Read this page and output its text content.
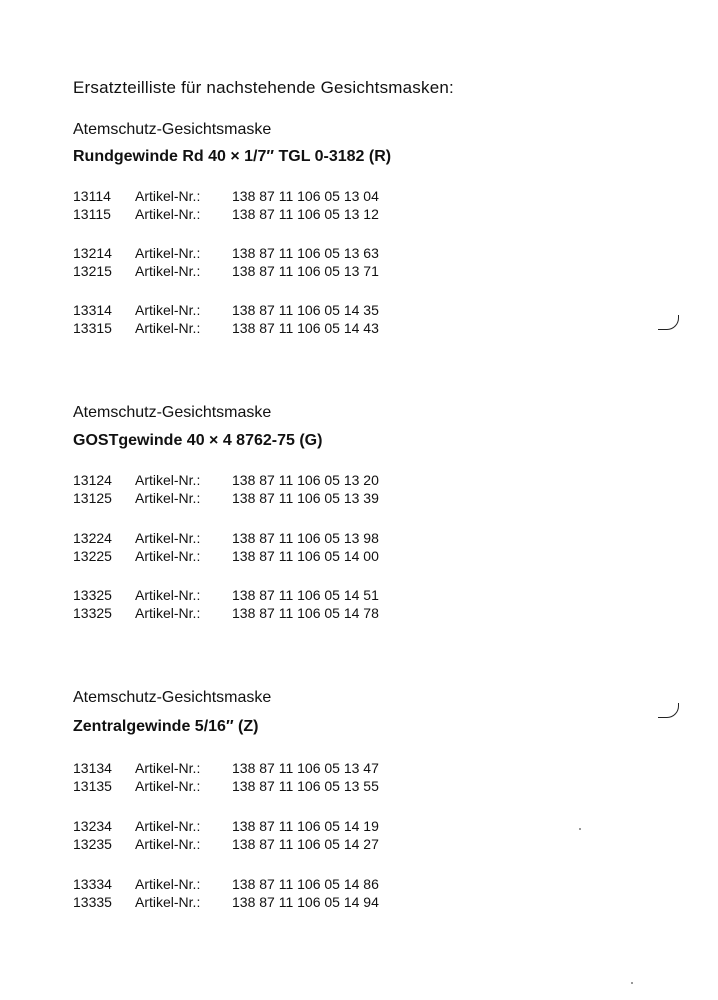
Ersatzteilliste für nachstehende Gesichtsmasken:
Atemschutz-Gesichtsmaske
Rundgewinde Rd 40 × 1/7″ TGL 0-3182 (R)
13114 Artikel-Nr.: 138 87 11 106 05 13 04
13115 Artikel-Nr.: 138 87 11 106 05 13 12
13214 Artikel-Nr.: 138 87 11 106 05 13 63
13215 Artikel-Nr.: 138 87 11 106 05 13 71
13314 Artikel-Nr.: 138 87 11 106 05 14 35
13315 Artikel-Nr.: 138 87 11 106 05 14 43
Atemschutz-Gesichtsmaske
GOSTgewinde 40 × 4 8762-75 (G)
13124 Artikel-Nr.: 138 87 11 106 05 13 20
13125 Artikel-Nr.: 138 87 11 106 05 13 39
13224 Artikel-Nr.: 138 87 11 106 05 13 98
13225 Artikel-Nr.: 138 87 11 106 05 14 00
13325 Artikel-Nr.: 138 87 11 106 05 14 51
13325 Artikel-Nr.: 138 87 11 106 05 14 78
Atemschutz-Gesichtsmaske
Zentralgewinde 5/16″ (Z)
13134 Artikel-Nr.: 138 87 11 106 05 13 47
13135 Artikel-Nr.: 138 87 11 106 05 13 55
13234 Artikel-Nr.: 138 87 11 106 05 14 19
13235 Artikel-Nr.: 138 87 11 106 05 14 27
13334 Artikel-Nr.: 138 87 11 106 05 14 86
13335 Artikel-Nr.: 138 87 11 106 05 14 94
